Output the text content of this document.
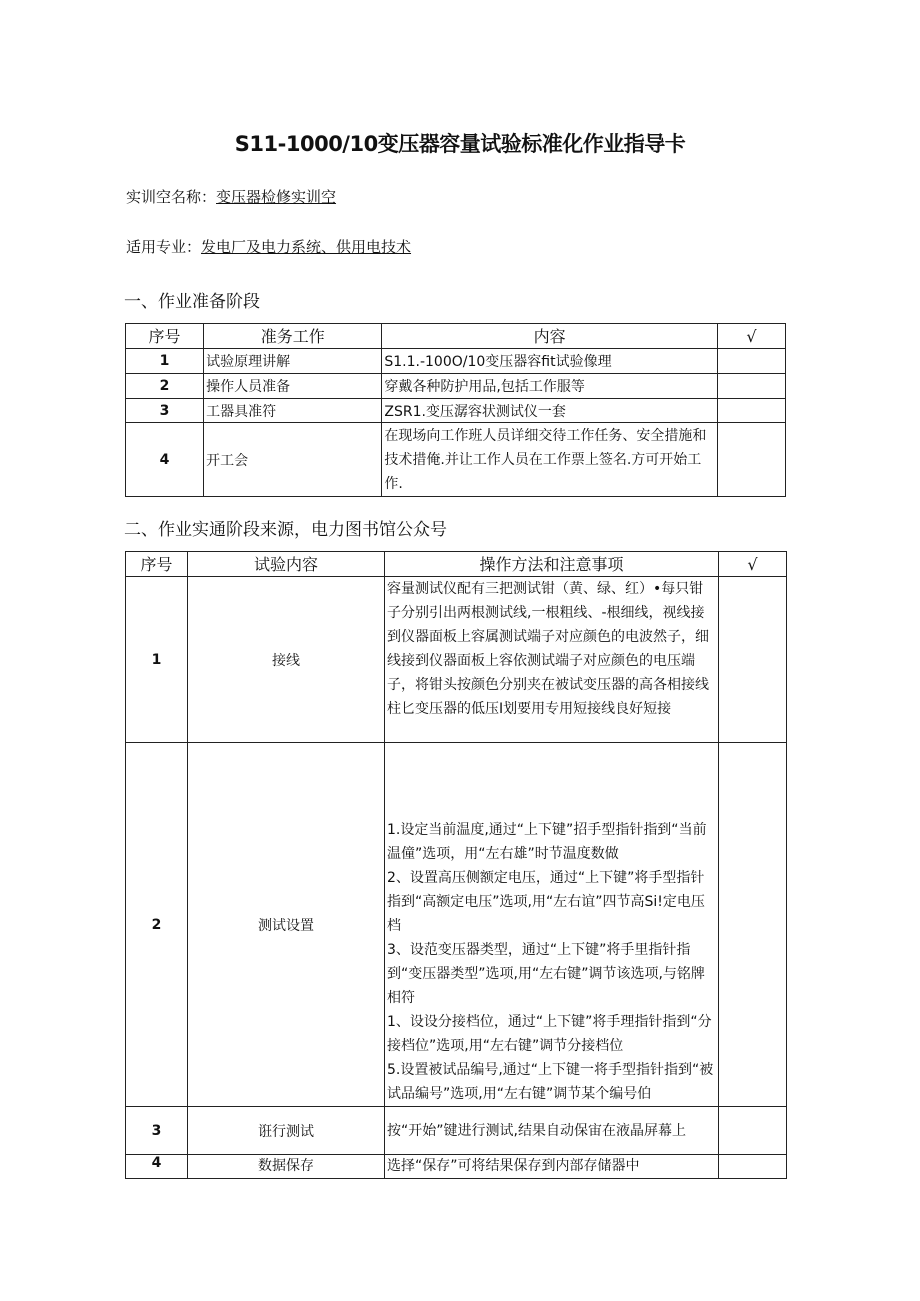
S11-1000/10变压器容量试验标准化作业指导卡
实训空名称：变压器检修实训空
适用专业：发电厂及电力系统、供用电技术
一、作业准备阶段
序号	准务工作	内容	√
1	试验原理讲解	S1.1.-100O/10变压器容fit试验像理	
2	操作人员准备	穿戴各种防护用品,包括工作服等	
3	工器具准符	ZSR1.变压潺容状测试仪一套	
4	开工会	在现场向工作班人员详细交待工作任务、安全措施和技术措俺.并让工作人员在工作票上签名.方可开始工作.	
二、作业实通阶段来源，电力图书馆公众号
序号	试验内容	操作方法和注意事项	√
1	接线	容量测试仪配有三把测试钳（黄、绿、红）•每只钳子分别引出两根测试线,一根粗线、-根细线，视线接到仪器面板上容属测试端子对应颜色的电波然子，细线接到仪器面板上容依测试端子对应颜色的电压端子，将钳头按颜色分别夹在被试变压器的高各相接线柱匕变压器的低压I划要用专用短接线良好短接	
2	测试设置	1.设定当前温度,通过“上下键”招手型指针指到“当前温僮”选项，用“左右雄”时节温度数做
2、设置高压侧额定电压，通过“上下键”将手型指针指到“高额定电压”选项,用“左右谊”四节高Si!定电压档
3、设范变压器类型，通过“上下键”将手里指针指到“变压器类型”选项,用“左右键”调节该选项,与铭牌相符
1、设设分接档位，通过“上下键”将手理指针指到“分接档位”选项,用“左右键”调节分接档位
5.设置被试品编号,通过“上下键一将手型指针指到“被试品编号”选项,用“左右键”调节某个编号伯	

3	诳行测试	按“开始”键进行测试,结果自动保宙在液晶屏幕上	
4	数据保存	选择“保存”可将结果保存到内部存储器中	
